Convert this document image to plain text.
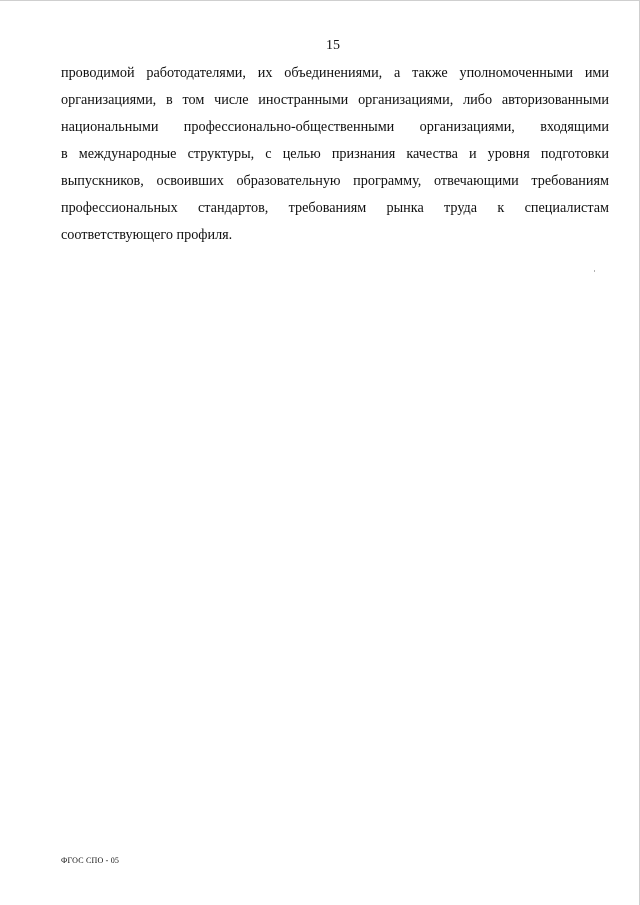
15
проводимой работодателями, их объединениями, а также уполномоченными ими
организациями, в том числе иностранными организациями, либо авторизованными
национальными профессионально-общественными организациями, входящими
в международные структуры, с целью признания качества и уровня подготовки
выпускников, освоивших образовательную программу, отвечающими требованиям
профессиональных стандартов, требованиям рынка труда к специалистам
соответствующего профиля.
ФГОС СПО - 05
